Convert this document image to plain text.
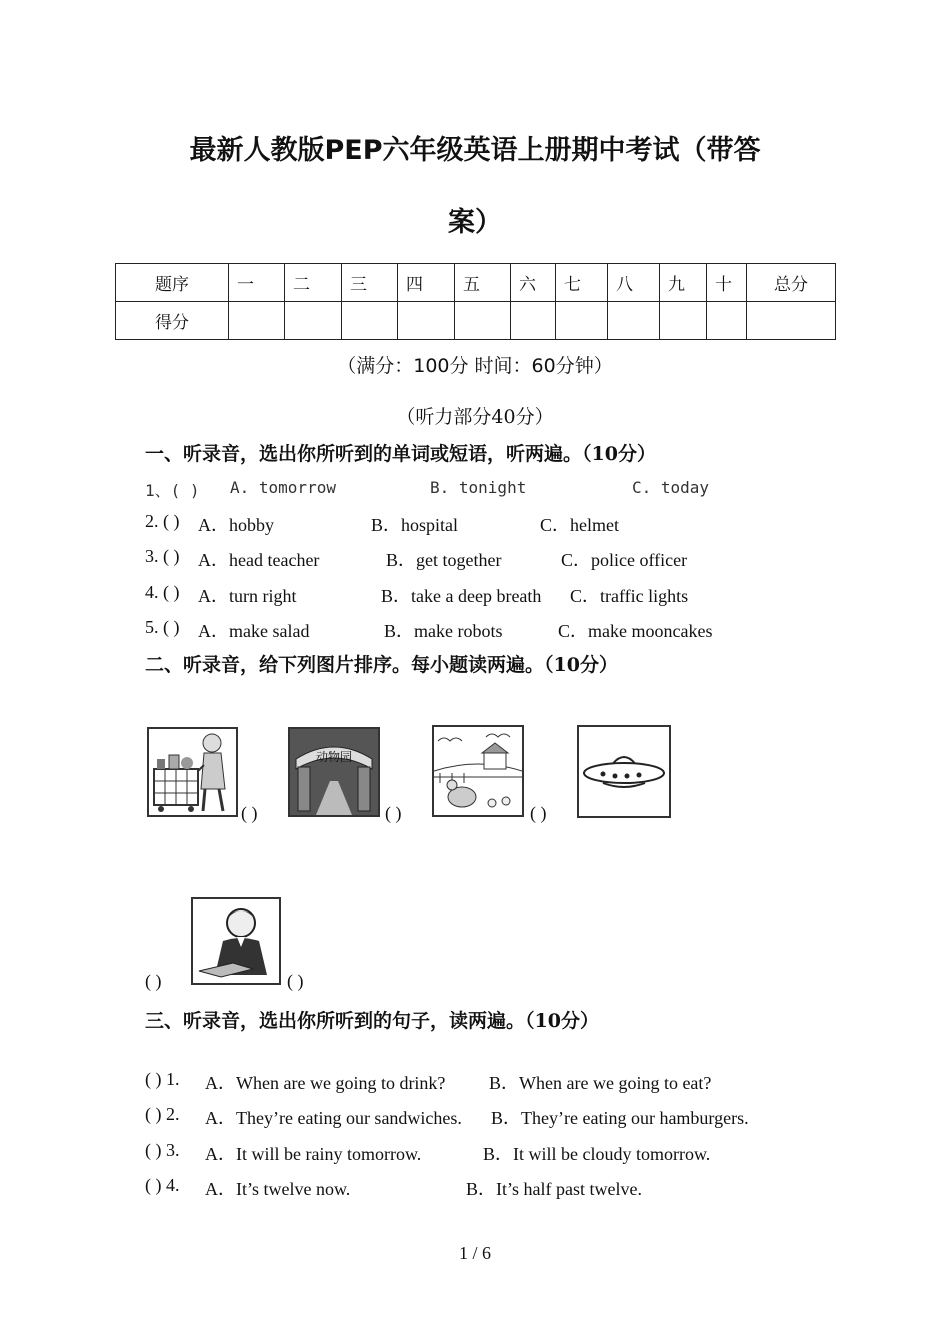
最新人教版PEP六年级英语上册期中考试（带答
案）
题序	一	二	三	四	五	六	七	八	九	十	总分
得分											
（满分：100分 时间：60分钟）
（听力部分40分）
一、听录音，选出你所听到的单词或短语，听两遍。（10分）
1、( ) A. tomorrow	B. tonight	C. today
2. ( ) A．hobby	B．hospital	C．helmet
3. ( ) A．head teacher	B．get together	C．police officer
4. ( ) A．turn right	B．take a deep breath C．traffic lights
5. ( ) A．make salad	B．make robots	C．make mooncakes
二、听录音，给下列图片排序。每小题读两遍。（10分）
( )
动物园
( )	( )
( )	( )
三、听录音，选出你所听到的句子，读两遍。（10分）
( ) 1. A．When are we going to drink? B．When are we going to eat?
( ) 2. A．They’re eating our sandwiches. B．They’re eating our hamburgers.
( ) 3. A．It will be rainy tomorrow.	B．It will be cloudy tomorrow.
( ) 4. A．It’s twelve now.	B．It’s half past twelve.
1 / 6
